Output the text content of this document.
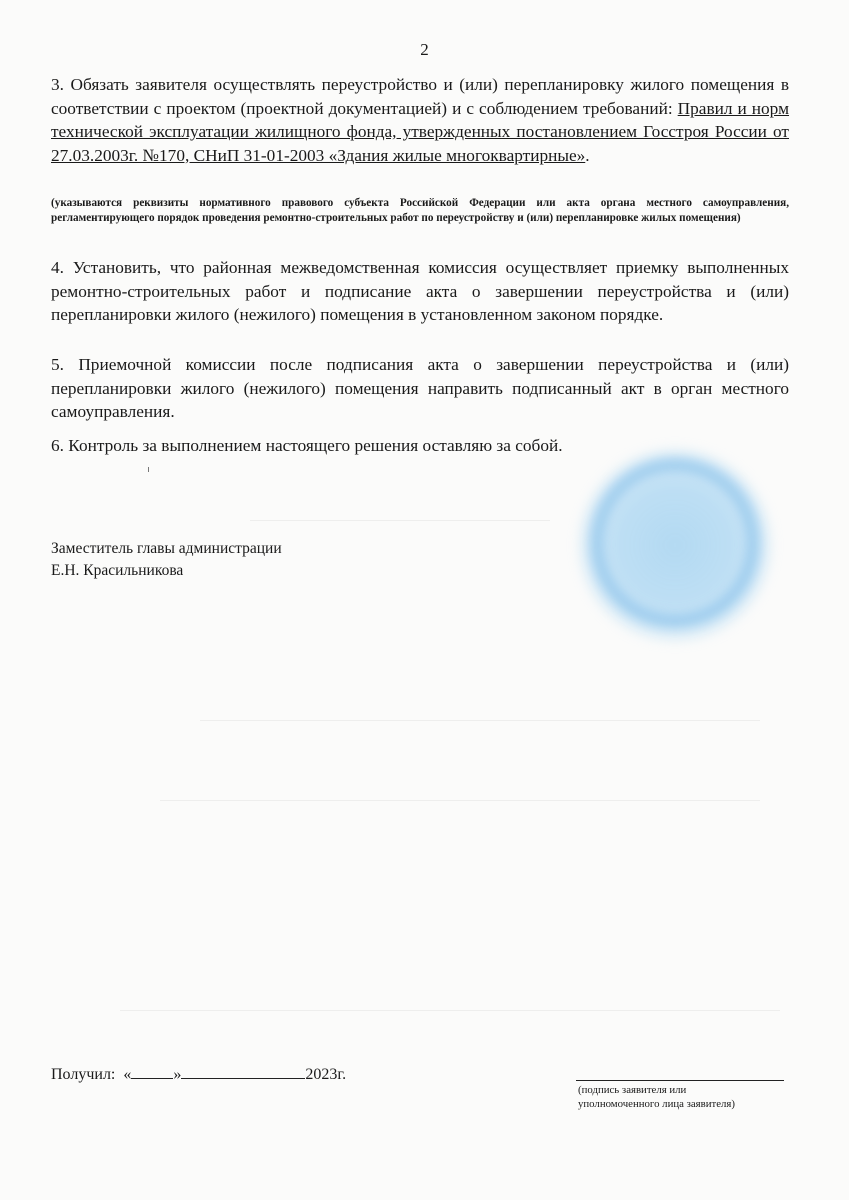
2

3. Обязать заявителя осуществлять переустройство и (или) перепланировку жилого помещения в соответствии с проектом (проектной документацией) и с соблюдением требований: Правил и норм технической эксплуатации жилищного фонда, утвержденных постановлением Госстроя России от 27.03.2003г. №170, СНиП 31-01-2003 «Здания жилые многоквартирные».

(указываются реквизиты нормативного правового субъекта Российской Федерации или акта органа местного самоуправления, регламентирующего порядок проведения ремонтно-строительных работ по переустройству и (или) перепланировке жилых помещения)

4. Установить, что районная межведомственная комиссия осуществляет приемку выполненных ремонтно-строительных работ и подписание акта о завершении переустройства и (или) перепланировки жилого (нежилого) помещения в установленном законом порядке.

5. Приемочной комиссии после подписания акта о завершении переустройства и (или) перепланировки жилого (нежилого) помещения направить подписанный акт в орган местного самоуправления.

6. Контроль за выполнением настоящего решения оставляю за собой.

Заместитель главы администрации
Е.Н. Красильникова
Получил: «	»	2023г.
(подпись заявителя или
уполномоченного лица заявителя)
